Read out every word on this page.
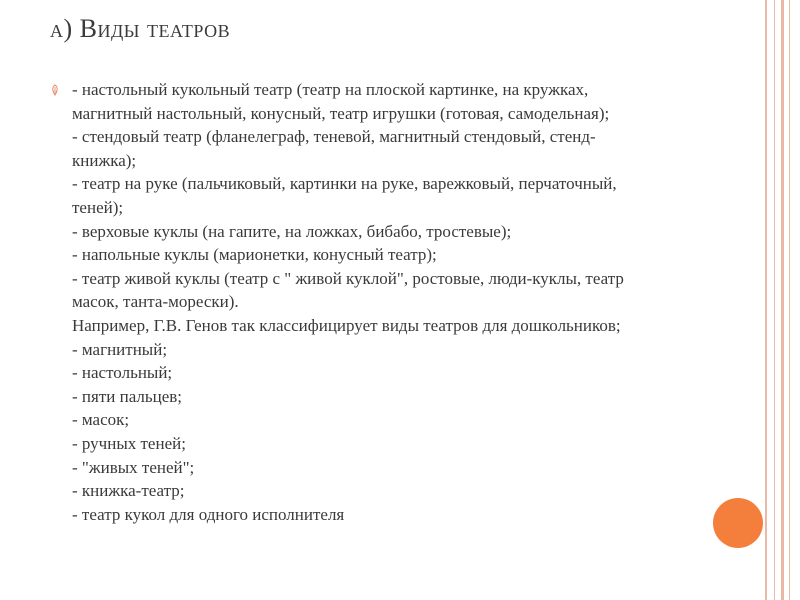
а) Виды театров
- настольный кукольный театр (театр на плоской картинке, на кружках,
магнитный настольный, конусный, театр игрушки (готовая, самодельная);
- стендовый театр (фланелеграф, теневой, магнитный стендовый, стенд-
книжка);
- театр на руке (пальчиковый, картинки на руке, варежковый, перчаточный,
теней);
- верховые куклы (на гапите, на ложках, бибабо, тростевые);
- напольные куклы (марионетки, конусный театр);
- театр живой куклы (театр с " живой куклой", ростовые, люди-куклы, театр
масок, танта-морески).
Например, Г.В. Генов так классифицирует виды театров для дошкольников;
- магнитный;
- настольный;
- пяти пальцев;
- масок;
- ручных теней;
- "живых теней";
- книжка-театр;
- театр кукол для одного исполнителя
